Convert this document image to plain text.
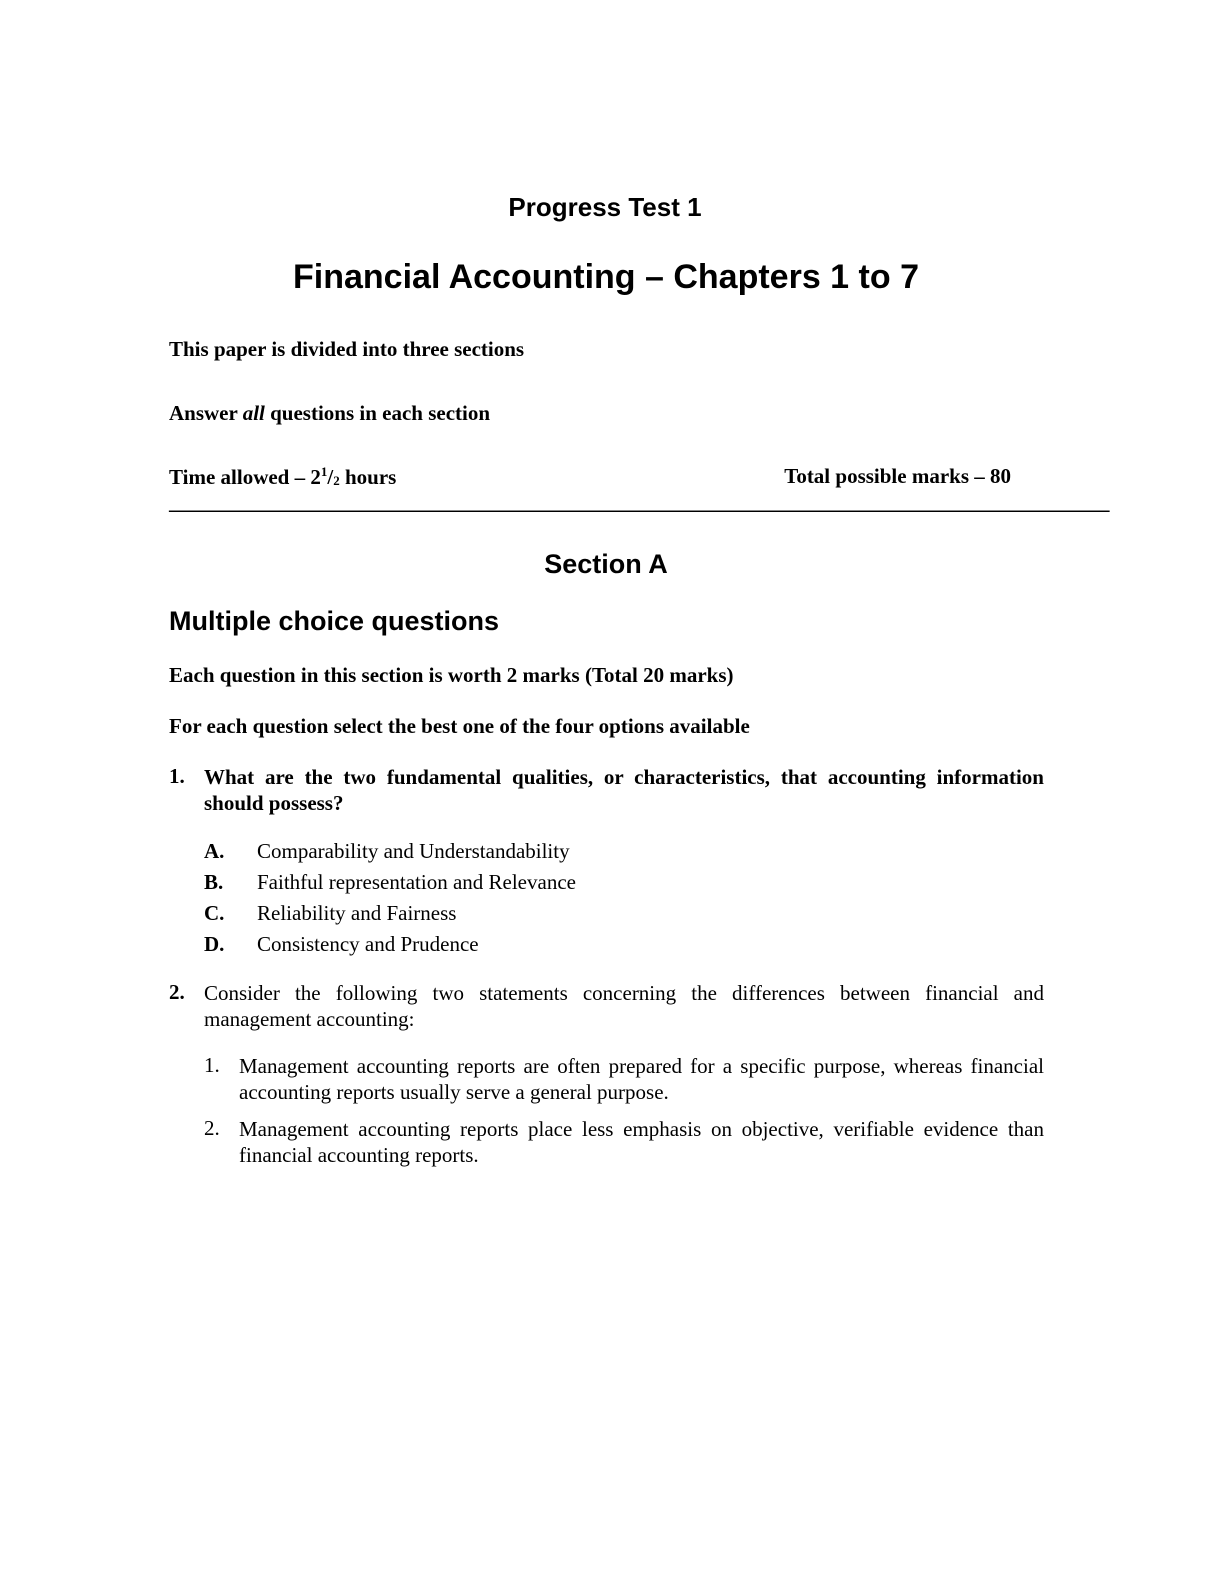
Progress Test 1
Financial Accounting – Chapters 1 to 7
This paper is divided into three sections
Answer all questions in each section
Time allowed – $2^1/_2$ hours	Total possible marks – 80
––––––––––––––––––––––––––––––––––––––––––––––––––––––––––––––––––––––––––––––––––––––––––––––
Section A
Multiple choice questions
Each question in this section is worth 2 marks (Total 20 marks)
For each question select the best one of the four options available
1. What are the two fundamental qualities, or characteristics, that accounting information should possess?
A. Comparability and Understandability
B. Faithful representation and Relevance
C. Reliability and Fairness
D. Consistency and Prudence
2. Consider the following two statements concerning the differences between financial and management accounting:
1. Management accounting reports are often prepared for a specific purpose, whereas financial accounting reports usually serve a general purpose.
2. Management accounting reports place less emphasis on objective, verifiable evidence than financial accounting reports.
